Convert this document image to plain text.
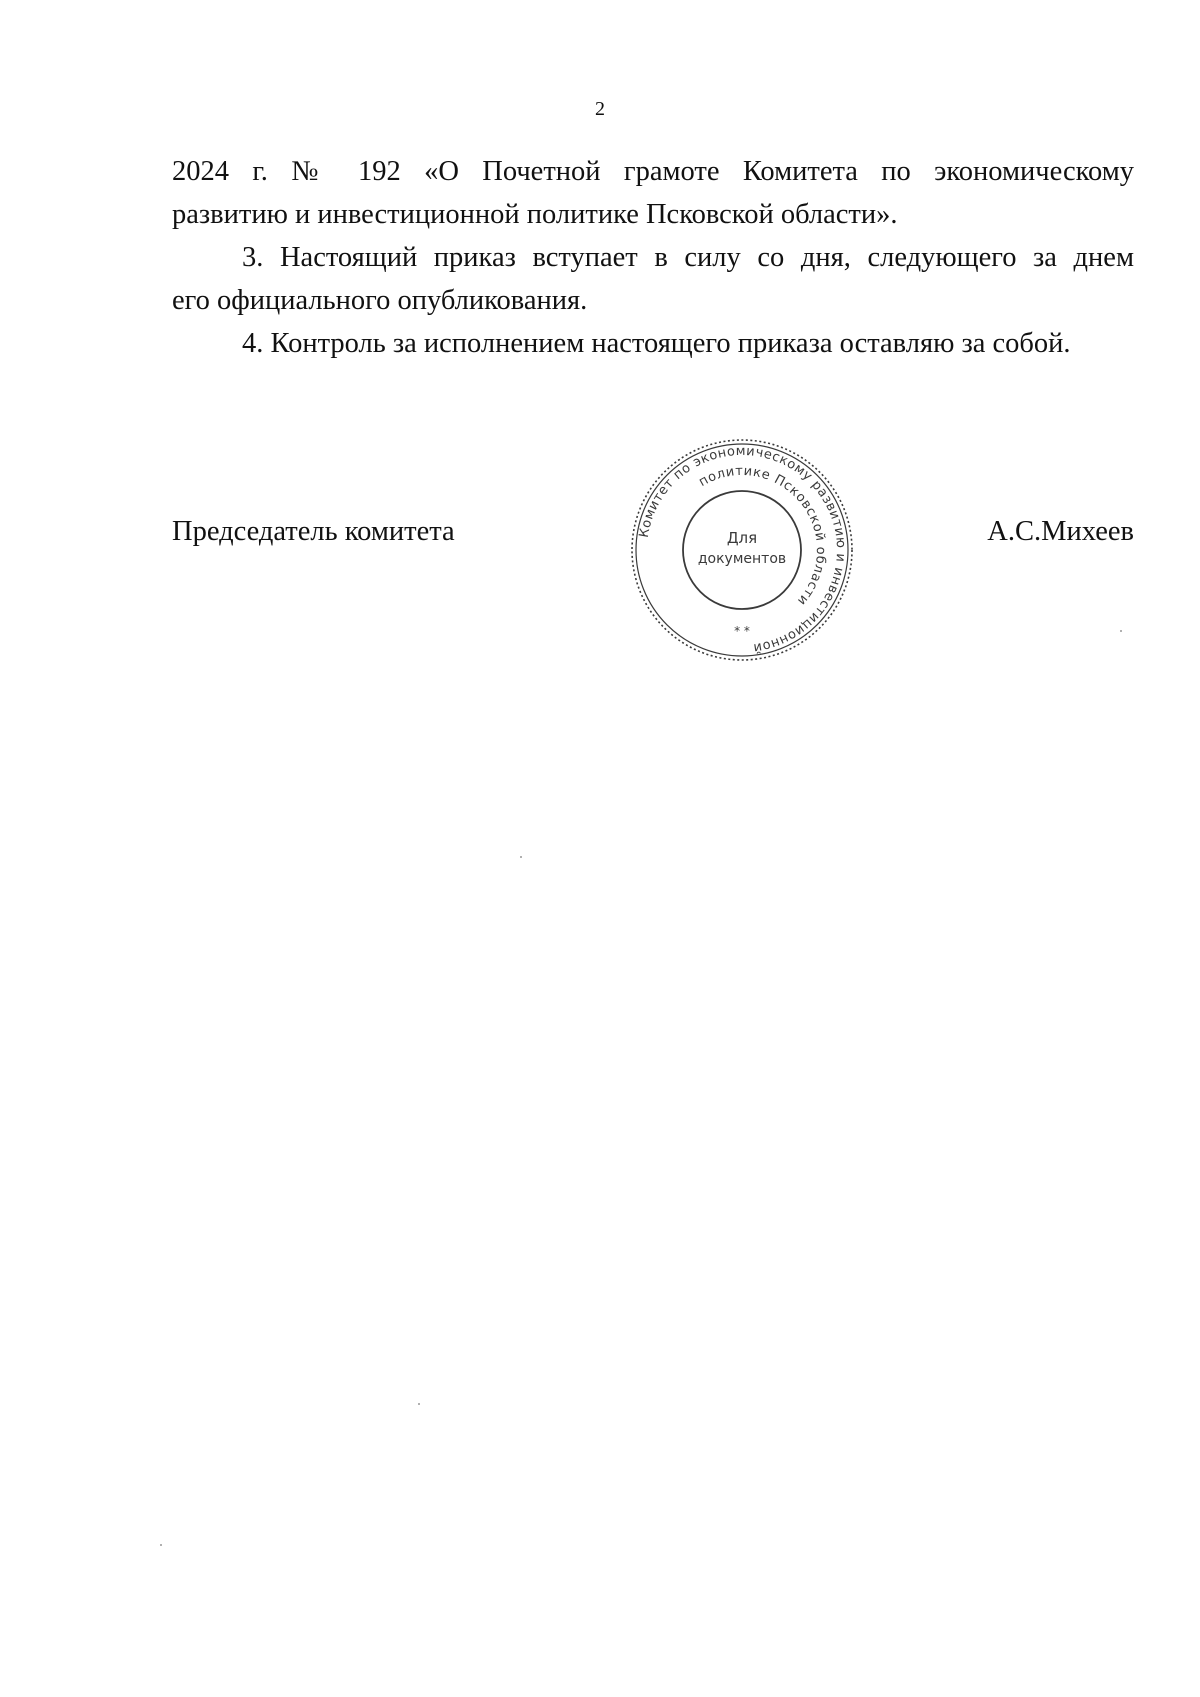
2

2024 г. № 192 «О Почетной грамоте Комитета по экономическому

развитию и инвестиционной политике Псковской области».

3. Настоящий приказ вступает в силу со дня, следующего за днем

его официального опубликования.

4. Контроль за исполнением настоящего приказа оставляю за собой.

Председатель комитета	А.С.Михеев
Комитет по экономическому развитию и инвестиционной
политике Псковской области
Для
документов
* *
